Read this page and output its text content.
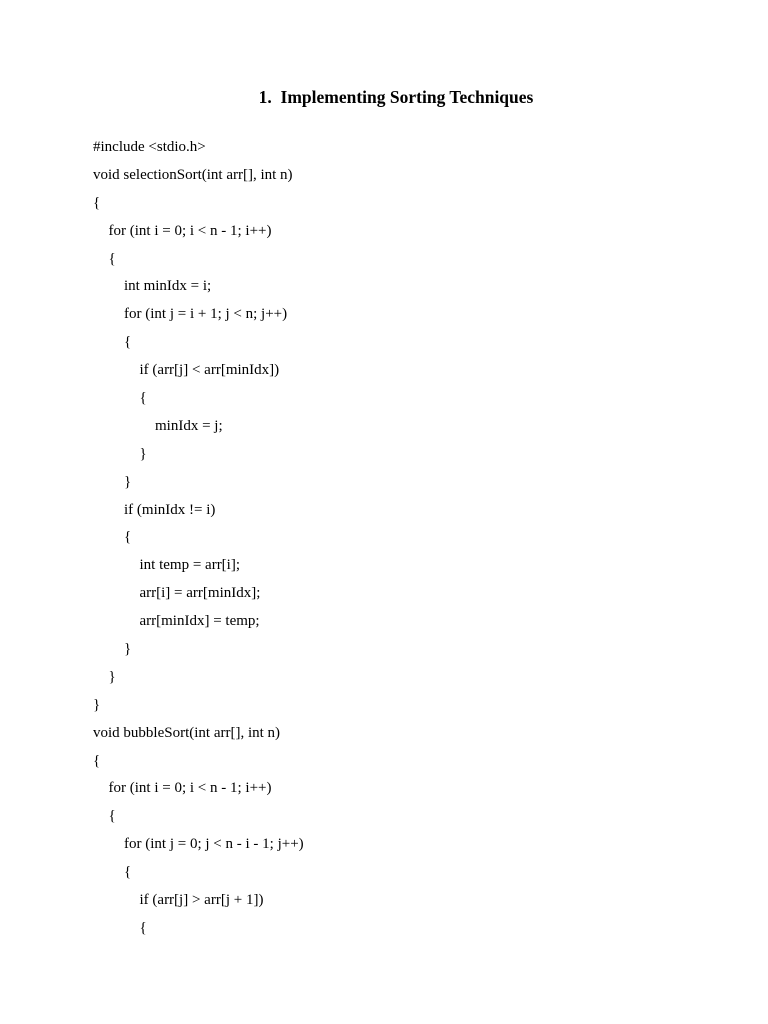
1.  Implementing Sorting Techniques
#include <stdio.h>
void selectionSort(int arr[], int n)
{
for (int i = 0; i < n - 1; i++)
{
int minIdx = i;
for (int j = i + 1; j < n; j++)
{
if (arr[j] < arr[minIdx])
{
minIdx = j;
}
}
if (minIdx != i)
{
int temp = arr[i];
arr[i] = arr[minIdx];
arr[minIdx] = temp;
}
}
}
void bubbleSort(int arr[], int n)
{
for (int i = 0; i < n - 1; i++)
{
for (int j = 0; j < n - i - 1; j++)
{
if (arr[j] > arr[j + 1])
{
